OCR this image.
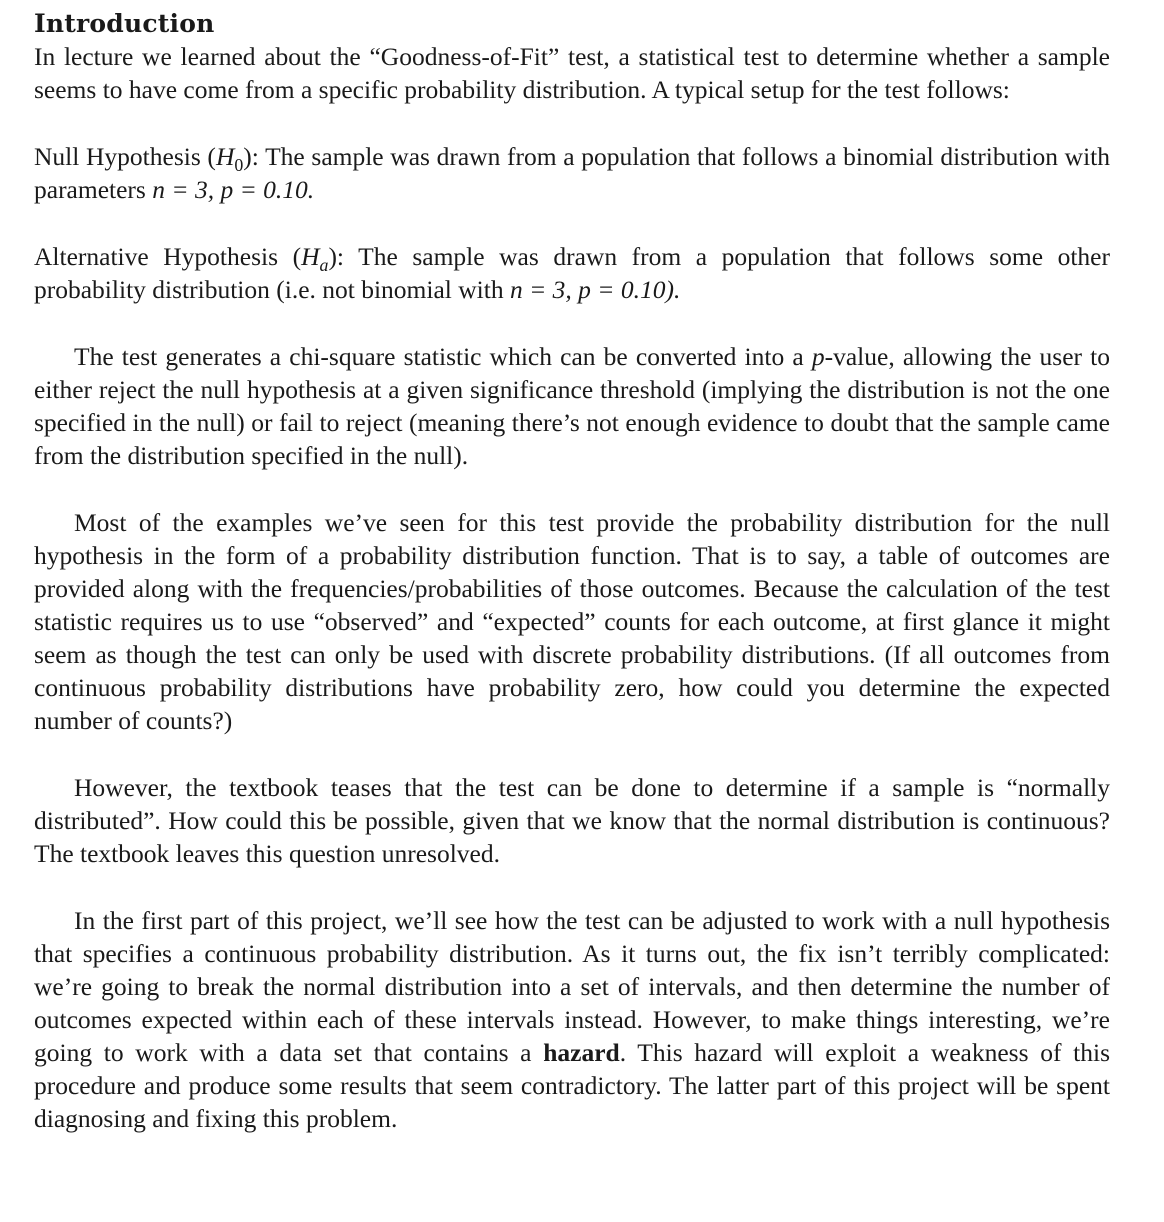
Introduction

In lecture we learned about the “Goodness-of-Fit” test, a statistical test to determine whether a sample seems to have come from a specific probability distribution. A typical setup for the test follows:

Null Hypothesis $(H_0)$: The sample was drawn from a population that follows a binomial distribution with parameters n = 3, p = 0.10.

Alternative Hypothesis $(H_a)$: The sample was drawn from a population that follows some other probability distribution (i.e. not binomial with n = 3, p = 0.10).

The test generates a chi-square statistic which can be converted into a p-value, allowing the user to either reject the null hypothesis at a given significance threshold (implying the distribution is not the one specified in the null) or fail to reject (meaning there’s not enough evidence to doubt that the sample came from the distribution specified in the null).

Most of the examples we’ve seen for this test provide the probability distribution for the null hypothesis in the form of a probability distribution function. That is to say, a table of outcomes are provided along with the frequencies/probabilities of those outcomes. Because the calculation of the test statistic requires us to use “observed” and “expected” counts for each outcome, at first glance it might seem as though the test can only be used with discrete probability distributions. (If all outcomes from continuous probability distributions have probability zero, how could you determine the expected number of counts?)

However, the textbook teases that the test can be done to determine if a sample is “normally distributed”. How could this be possible, given that we know that the normal distribution is continuous? The textbook leaves this question unresolved.

In the first part of this project, we’ll see how the test can be adjusted to work with a null hypothesis that specifies a continuous probability distribution. As it turns out, the fix isn’t terribly complicated: we’re going to break the normal distribution into a set of intervals, and then determine the number of outcomes expected within each of these intervals instead. However, to make things interesting, we’re going to work with a data set that contains a hazard. This hazard will exploit a weakness of this procedure and produce some results that seem contradictory. The latter part of this project will be spent diagnosing and fixing this problem.
